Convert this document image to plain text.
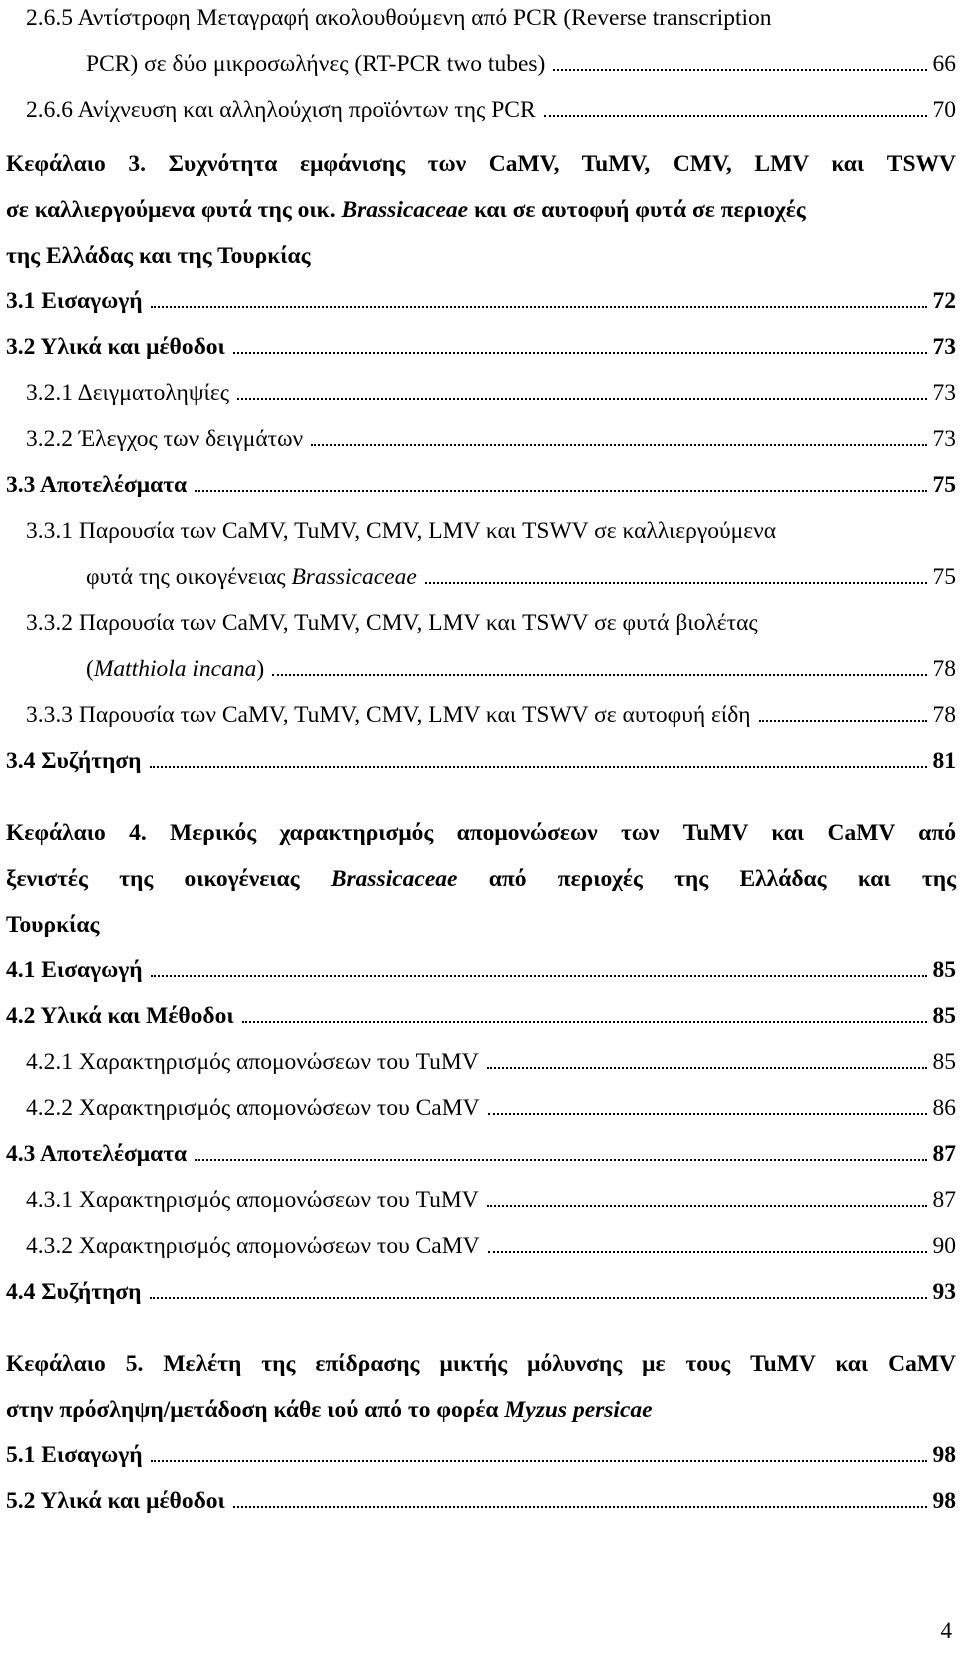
2.6.5 Αντίστροφη Μεταγραφή ακολουθούμενη από PCR (Reverse transcription
PCR) σε δύο μικροσωλήνες (RT-PCR two tubes)	66
2.6.6 Ανίχνευση και αλληλούχιση προϊόντων της PCR	70
Κεφάλαιο 3. Συχνότητα εμφάνισης των CaMV, TuMV, CMV, LMV και TSWV
σε καλλιεργούμενα φυτά της οικ. Brassicaceae και σε αυτοφυή φυτά σε περιοχές
της Ελλάδας και της Τουρκίας
3.1 Εισαγωγή	72
3.2 Υλικά και μέθοδοι	73
3.2.1 Δειγματοληψίες	73
3.2.2 Έλεγχος των δειγμάτων	73
3.3 Αποτελέσματα	75
3.3.1 Παρουσία των CaMV, TuMV, CMV, LMV και TSWV σε καλλιεργούμενα
φυτά της οικογένειας Brassicaceae	75
3.3.2 Παρουσία των CaMV, TuMV, CMV, LMV και TSWV σε φυτά βιολέτας
(Matthiola incana)	78
3.3.3 Παρουσία των CaMV, TuMV, CMV, LMV και TSWV σε αυτοφυή είδη	78
3.4 Συζήτηση	81
Κεφάλαιο 4. Μερικός χαρακτηρισμός απομονώσεων των TuMV και CaMV από
ξενιστές της οικογένειας Brassicaceae από περιοχές της Ελλάδας και της
Τουρκίας
4.1 Εισαγωγή	85
4.2 Υλικά και Μέθοδοι	85
4.2.1 Χαρακτηρισμός απομονώσεων του TuMV	85
4.2.2 Χαρακτηρισμός απομονώσεων του CaMV	86
4.3 Αποτελέσματα	87
4.3.1 Χαρακτηρισμός απομονώσεων του TuMV	87
4.3.2 Χαρακτηρισμός απομονώσεων του CaMV	90
4.4 Συζήτηση	93
Κεφάλαιο 5. Μελέτη της επίδρασης μικτής μόλυνσης με τους TuMV και CaMV
στην πρόσληψη/μετάδοση κάθε ιού από το φορέα Myzus persicae
5.1 Εισαγωγή	98
5.2 Υλικά και μέθοδοι	98
4
